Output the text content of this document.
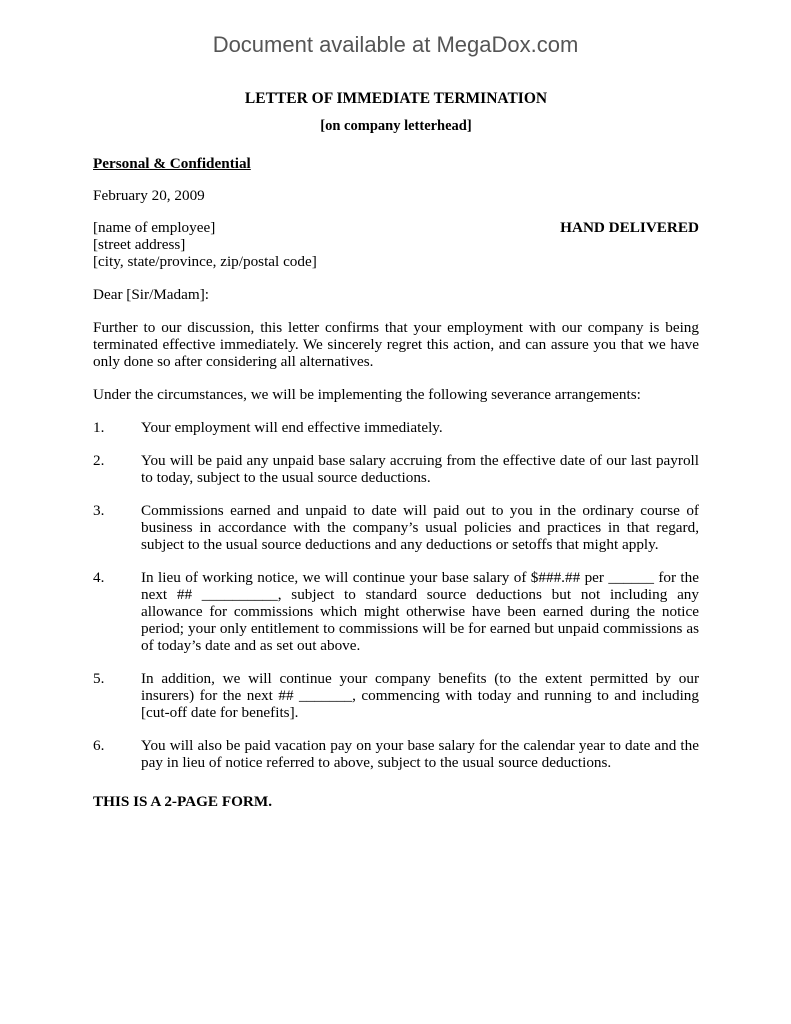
Document available at MegaDox.com
LETTER OF IMMEDIATE TERMINATION
[on company letterhead]
Personal & Confidential
February 20, 2009
[name of employee]
[street address]
[city, state/province, zip/postal code]
HAND DELIVERED
Dear [Sir/Madam]:
Further to our discussion, this letter confirms that your employment with our company is being terminated effective immediately. We sincerely regret this action, and can assure you that we have only done so after considering all alternatives.
Under the circumstances, we will be implementing the following severance arrangements:
1. Your employment will end effective immediately.
2. You will be paid any unpaid base salary accruing from the effective date of our last payroll to today, subject to the usual source deductions.
3. Commissions earned and unpaid to date will paid out to you in the ordinary course of business in accordance with the company’s usual policies and practices in that regard, subject to the usual source deductions and any deductions or setoffs that might apply.
4. In lieu of working notice, we will continue your base salary of $###.## per ______ for the next ## __________, subject to standard source deductions but not including any allowance for commissions which might otherwise have been earned during the notice period; your only entitlement to commissions will be for earned but unpaid commissions as of today’s date and as set out above.
5. In addition, we will continue your company benefits (to the extent permitted by our insurers) for the next ## _______, commencing with today and running to and including [cut-off date for benefits].
6. You will also be paid vacation pay on your base salary for the calendar year to date and the pay in lieu of notice referred to above, subject to the usual source deductions.
THIS IS A 2-PAGE FORM.
